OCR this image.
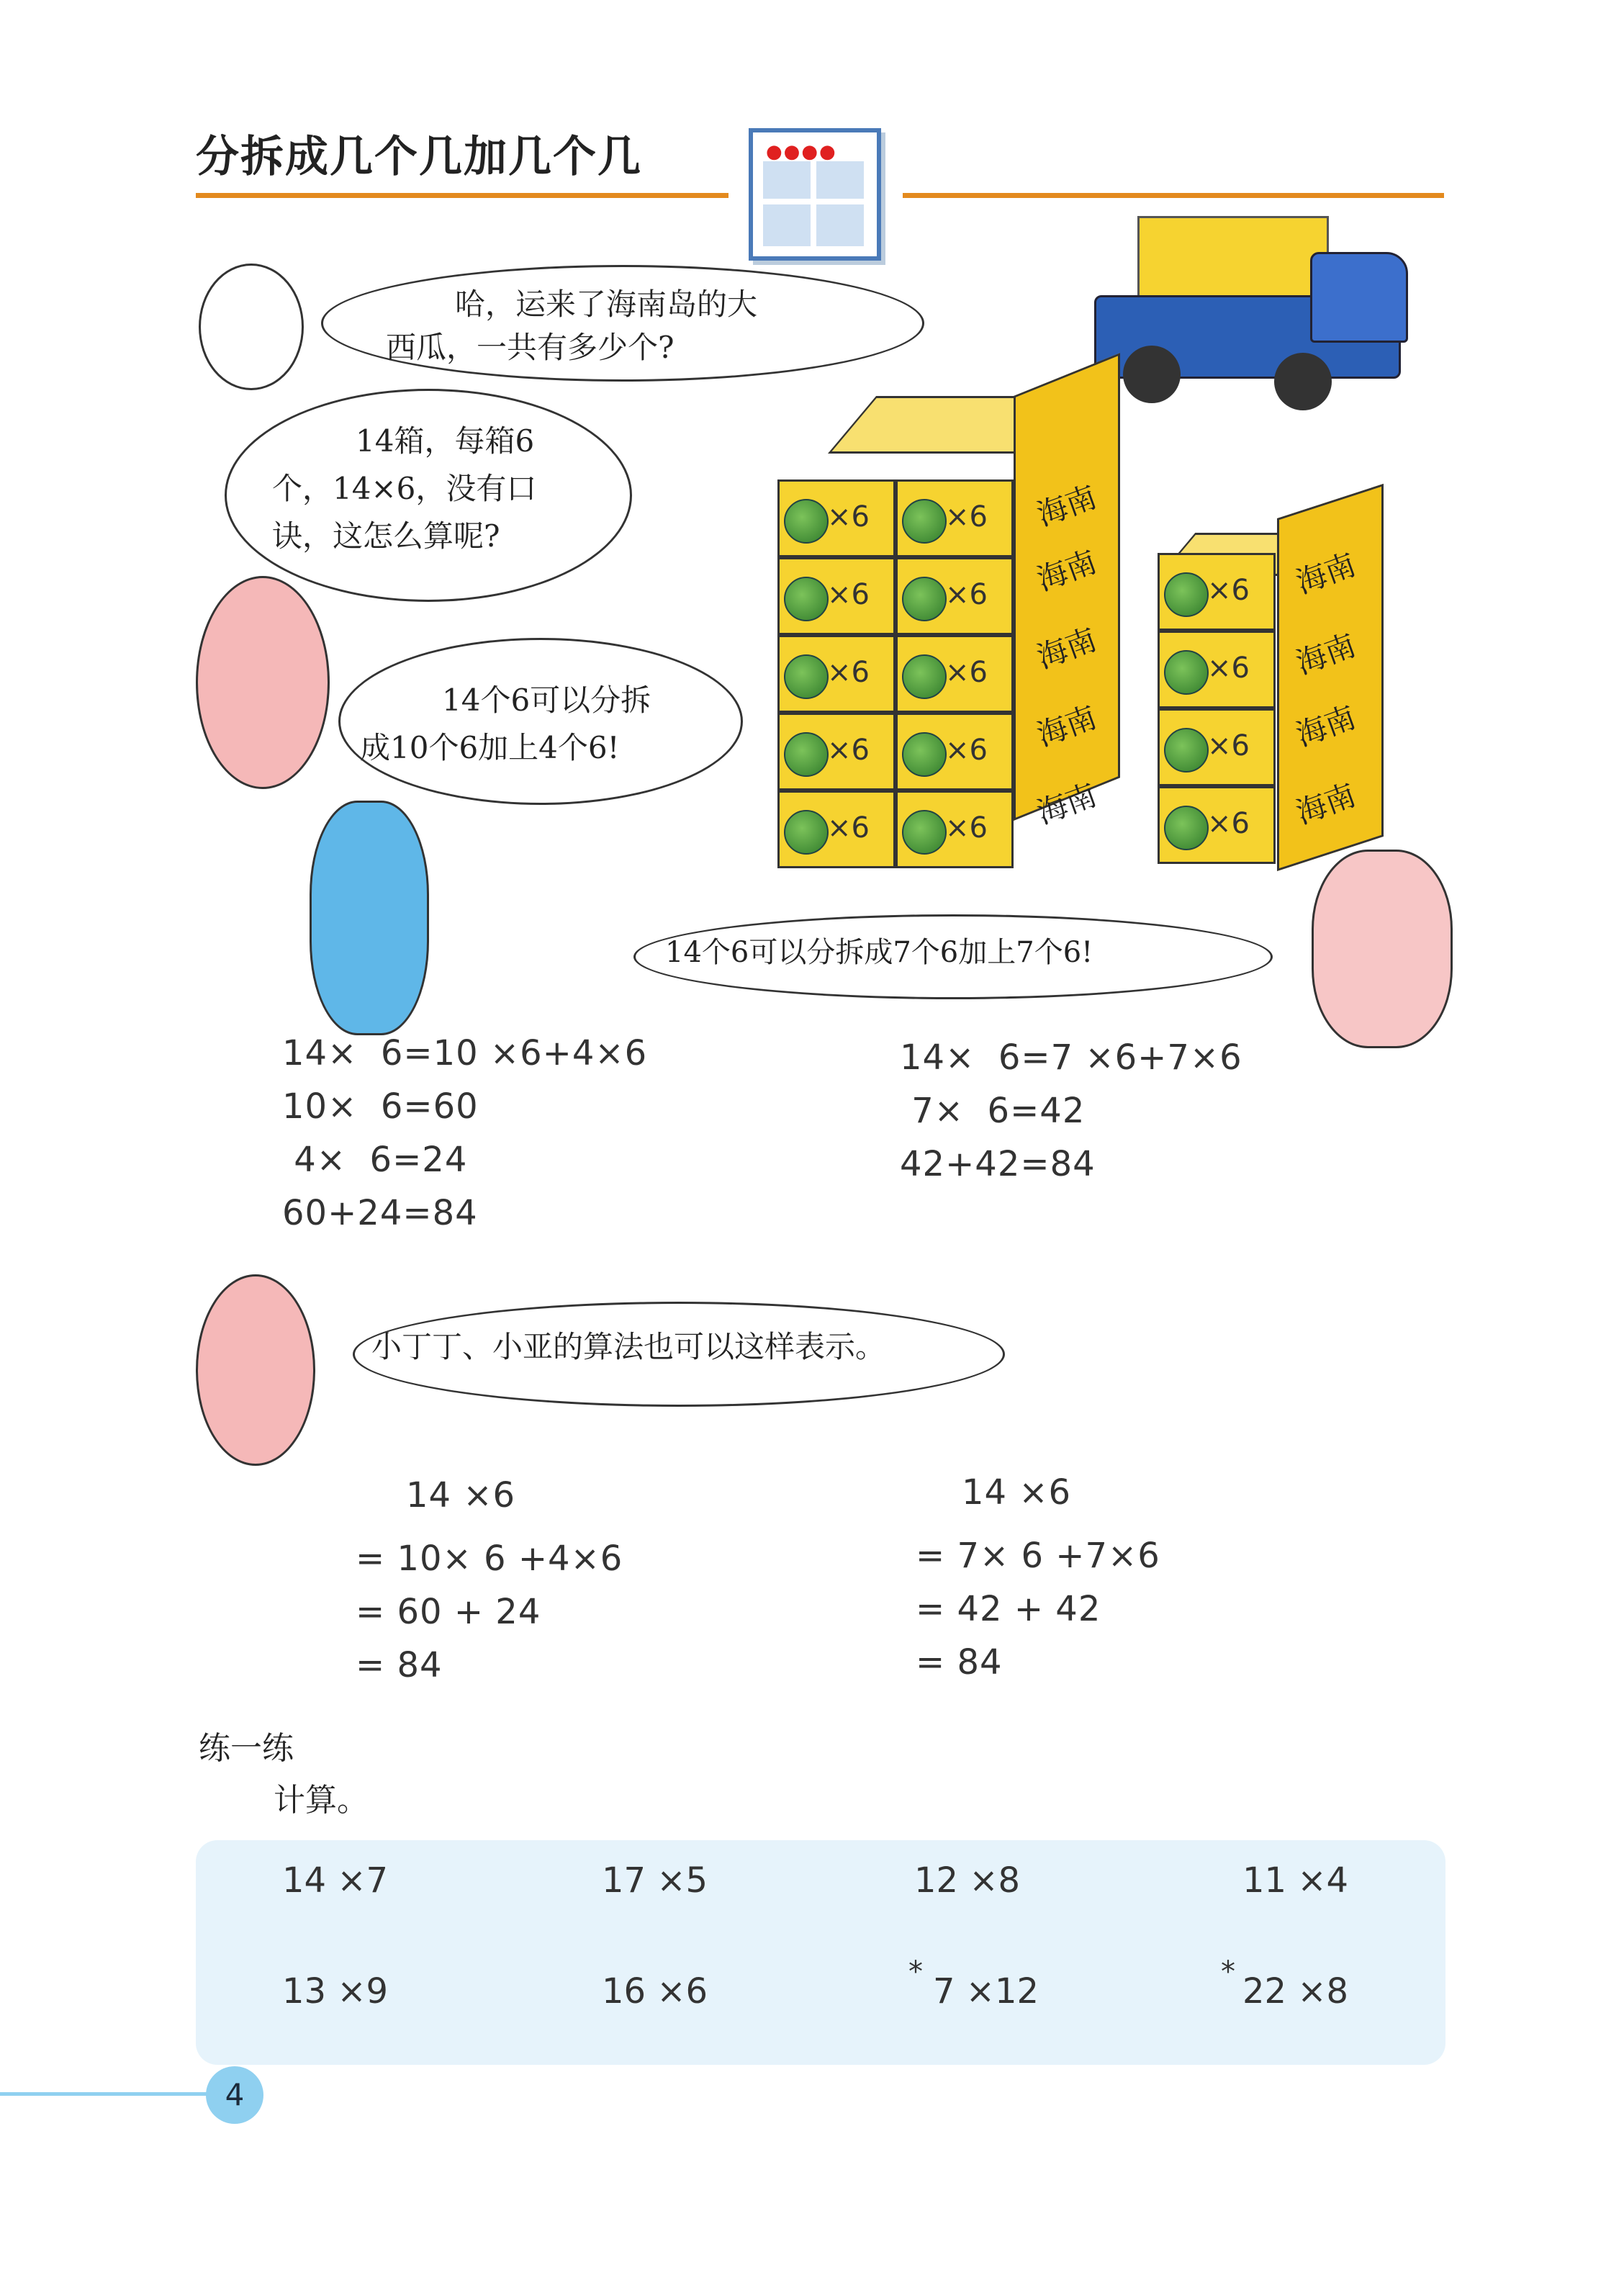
分拆成几个几加几个几	●●●●
哈，运来了海南岛的大
西瓜，一共有多少个?
14箱，每箱6
个，14×6，没有口
诀，这怎么算呢?
14个6可以分拆
成10个6加上4个6!
×6
×6
×6
×6
×6
×6
×6
×6
×6
×6
海南
海南
海南
海南
海南
×6
×6
×6
×6
海南
海南
海南
海南
14个6可以分拆成7个6加上7个6!
14×  6=10 ×6+4×6
10×  6=60
4×  6=24
60+24=84
14×  6=7 ×6+7×6
7×  6=42
42+42=84
小丁丁、小亚的算法也可以这样表示。
14 ×6
= 10× 6 +4×6
= 60 + 24
= 84
14 ×6
= 7× 6 +7×6
= 42 + 42
= 84
练一练
计算。
14 ×7	17 ×5	12 ×8	11 ×4
13 ×9	16 ×6	* 7 ×12	* 22 ×8
4
